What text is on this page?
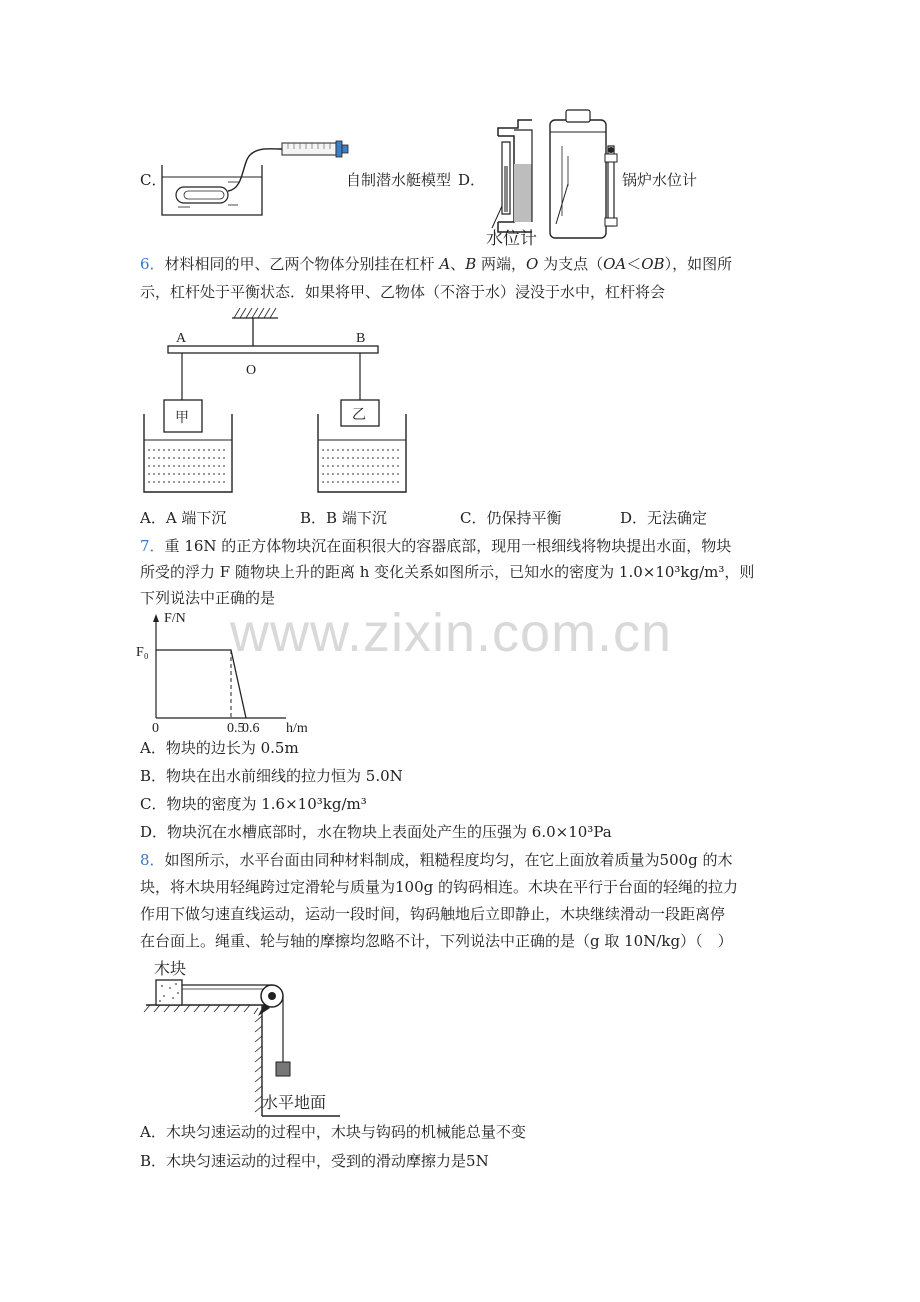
www.zixin.com.cn
C．	自制潜水艇模型 D．
水位计
锅炉水位计
6．材料相同的甲、乙两个物体分别挂在杠杆 A、B 两端，O 为支点（OA＜OB），如图所
示，杠杆处于平衡状态．如果将甲、乙物体（不溶于水）浸没于水中，杠杆将会
A	B
O
甲	乙
A．A 端下沉	B．B 端下沉	C．仍保持平衡	D．无法确定
7．重 16N 的正方体物块沉在面积很大的容器底部，现用一根细线将物块提出水面，物块
所受的浮力 F 随物块上升的距离 h 变化关系如图所示，已知水的密度为 1.0×10³kg/m³，则
下列说法中正确的是
F/N
h/m
F₀
0	0.5
0.6
A．物块的边长为 0.5m
B．物块在出水前细线的拉力恒为 5.0N
C．物块的密度为 1.6×10³kg/m³
D．物块沉在水槽底部时，水在物块上表面处产生的压强为 6.0×10³Pa
8．如图所示，水平台面由同种材料制成，粗糙程度均匀，在它上面放着质量为500g 的木
块，将木块用轻绳跨过定滑轮与质量为100g 的钩码相连。木块在平行于台面的轻绳的拉力
作用下做匀速直线运动，运动一段时间，钩码触地后立即静止，木块继续滑动一段距离停
在台面上。绳重、轮与轴的摩擦均忽略不计，下列说法中正确的是（g 取 10N/kg）（　）
木块
水平地面
A．木块匀速运动的过程中，木块与钩码的机械能总量不变
B．木块匀速运动的过程中，受到的滑动摩擦力是5N
